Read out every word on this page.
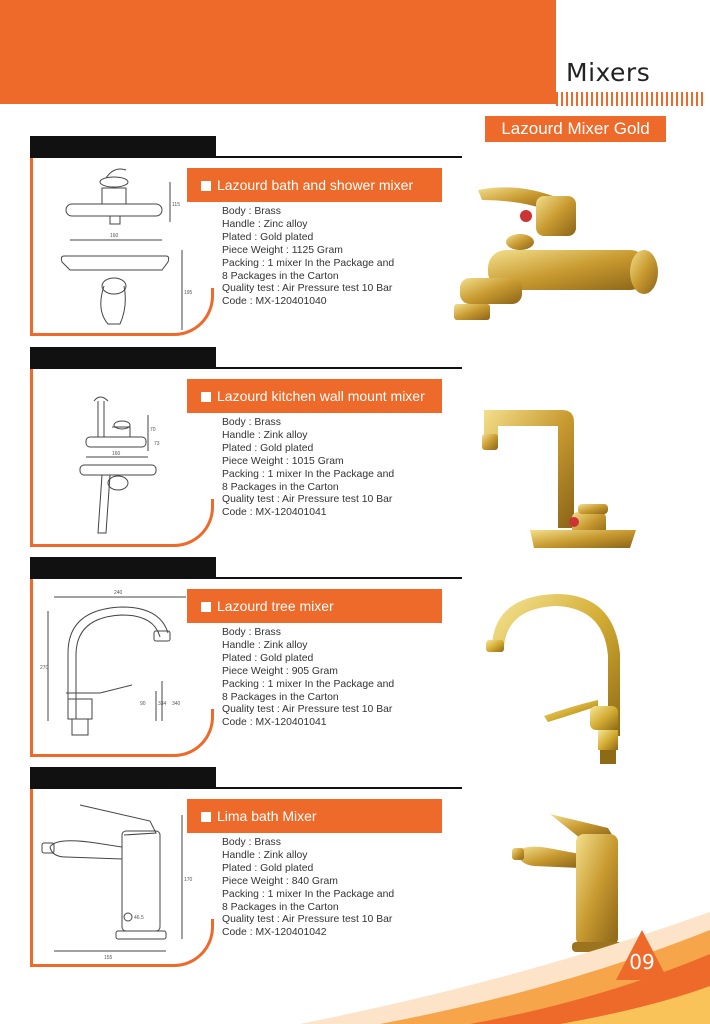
Mixers
Lazourd Mixer Gold
115
160
195
Lazourd bath and shower mixer
Body : Brass
Handle : Zinc alloy
Plated : Gold plated
Piece Weight : 1125 Gram
Packing : 1 mixer In the Package and
8 Packages in the Carton
Quality test : Air Pressure test 10 Bar
Code : MX-120401040
70
73
160
Lazourd kitchen wall mount mixer
Body : Brass
Handle : Zink alloy
Plated : Gold plated
Piece Weight : 1015 Gram
Packing : 1 mixer In the Package and
8 Packages in the Carton
Quality test : Air Pressure test 10 Bar
Code : MX-120401041
240
270
90 334 340
Lazourd tree mixer
Body : Brass
Handle : Zink alloy
Plated : Gold plated
Piece Weight : 905 Gram
Packing : 1 mixer In the Package and
8 Packages in the Carton
Quality test : Air Pressure test 10 Bar
Code : MX-120401041
170
46.5
155
Lima bath Mixer
Body : Brass
Handle : Zink alloy
Plated : Gold plated
Piece Weight : 840 Gram
Packing : 1 mixer In the Package and
8 Packages in the Carton
Quality test : Air Pressure test 10 Bar
Code : MX-120401042
09
